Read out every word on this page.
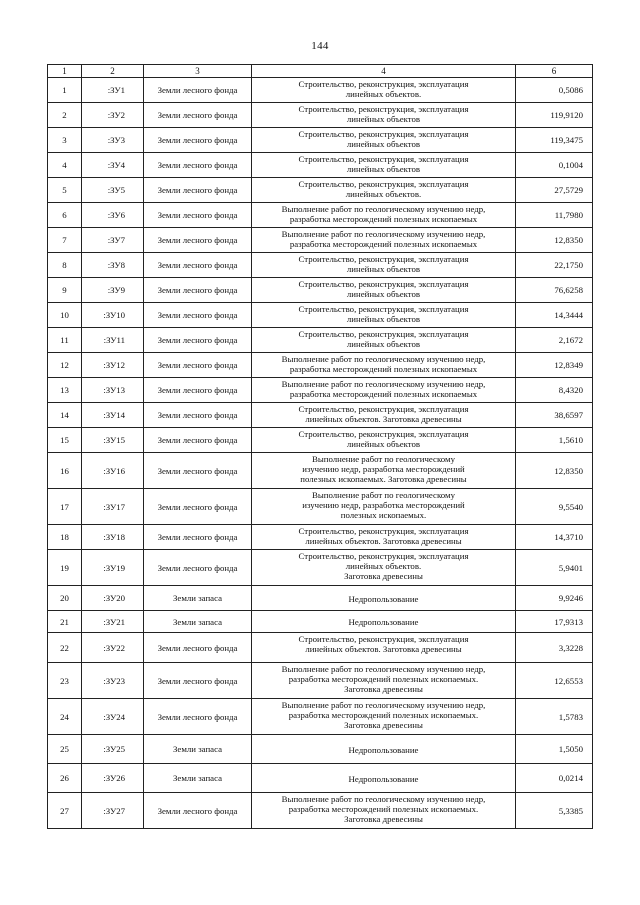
144
1	2	3	4	6
1	:ЗУ1	Земли лесного фонда	Строительство, реконструкция, эксплуатация
линейных объектов.	0,5086
2	:ЗУ2	Земли лесного фонда	Строительство, реконструкция, эксплуатация
линейных объектов	119,9120
3	:ЗУ3	Земли лесного фонда	Строительство, реконструкция, эксплуатация
линейных объектов	119,3475
4	:ЗУ4	Земли лесного фонда	Строительство, реконструкция, эксплуатация
линейных объектов	0,1004
5	:ЗУ5	Земли лесного фонда	Строительство, реконструкция, эксплуатация
линейных объектов.	27,5729
6	:ЗУ6	Земли лесного фонда	Выполнение работ по геологическому изучению недр,
разработка месторождений полезных ископаемых	11,7980
7	:ЗУ7	Земли лесного фонда	Выполнение работ по геологическому изучению недр,
разработка месторождений полезных ископаемых	12,8350
8	:ЗУ8	Земли лесного фонда	Строительство, реконструкция, эксплуатация
линейных объектов	22,1750
9	:ЗУ9	Земли лесного фонда	Строительство, реконструкция, эксплуатация
линейных объектов	76,6258
10	:ЗУ10	Земли лесного фонда	Строительство, реконструкция, эксплуатация
линейных объектов	14,3444
11	:ЗУ11	Земли лесного фонда	Строительство, реконструкция, эксплуатация
линейных объектов	2,1672
12	:ЗУ12	Земли лесного фонда	Выполнение работ по геологическому изучению недр,
разработка месторождений полезных ископаемых	12,8349
13	:ЗУ13	Земли лесного фонда	Выполнение работ по геологическому изучению недр,
разработка месторождений полезных ископаемых	8,4320
14	:ЗУ14	Земли лесного фонда	Строительство, реконструкция, эксплуатация
линейных объектов. Заготовка древесины	38,6597
15	:ЗУ15	Земли лесного фонда	Строительство, реконструкция, эксплуатация
линейных объектов	1,5610
16	:ЗУ16	Земли лесного фонда	Выполнение работ по геологическому
изучению недр, разработка месторождений
полезных ископаемых. Заготовка древесины	12,8350
17	:ЗУ17	Земли лесного фонда	Выполнение работ по геологическому
изучению недр, разработка месторождений
полезных ископаемых.	9,5540
18	:ЗУ18	Земли лесного фонда	Строительство, реконструкция, эксплуатация
линейных объектов. Заготовка древесины	14,3710
19	:ЗУ19	Земли лесного фонда	Строительство, реконструкция, эксплуатация
линейных объектов.
Заготовка древесины	5,9401
20	:ЗУ20	Земли запаса	Недропользование	9,9246
21	:ЗУ21	Земли запаса	Недропользование	17,9313
22	:ЗУ22	Земли лесного фонда	Строительство, реконструкция, эксплуатация
линейных объектов. Заготовка древесины	3,3228
23	:ЗУ23	Земли лесного фонда	Выполнение работ по геологическому изучению недр,
разработка месторождений полезных ископаемых.
Заготовка древесины	12,6553
24	:ЗУ24	Земли лесного фонда	Выполнение работ по геологическому изучению недр,
разработка месторождений полезных ископаемых.
Заготовка древесины	1,5783
25	:ЗУ25	Земли запаса	Недропользование	1,5050
26	:ЗУ26	Земли запаса	Недропользование	0,0214
27	:ЗУ27	Земли лесного фонда	Выполнение работ по геологическому изучению недр,
разработка месторождений полезных ископаемых.
Заготовка древесины	5,3385
